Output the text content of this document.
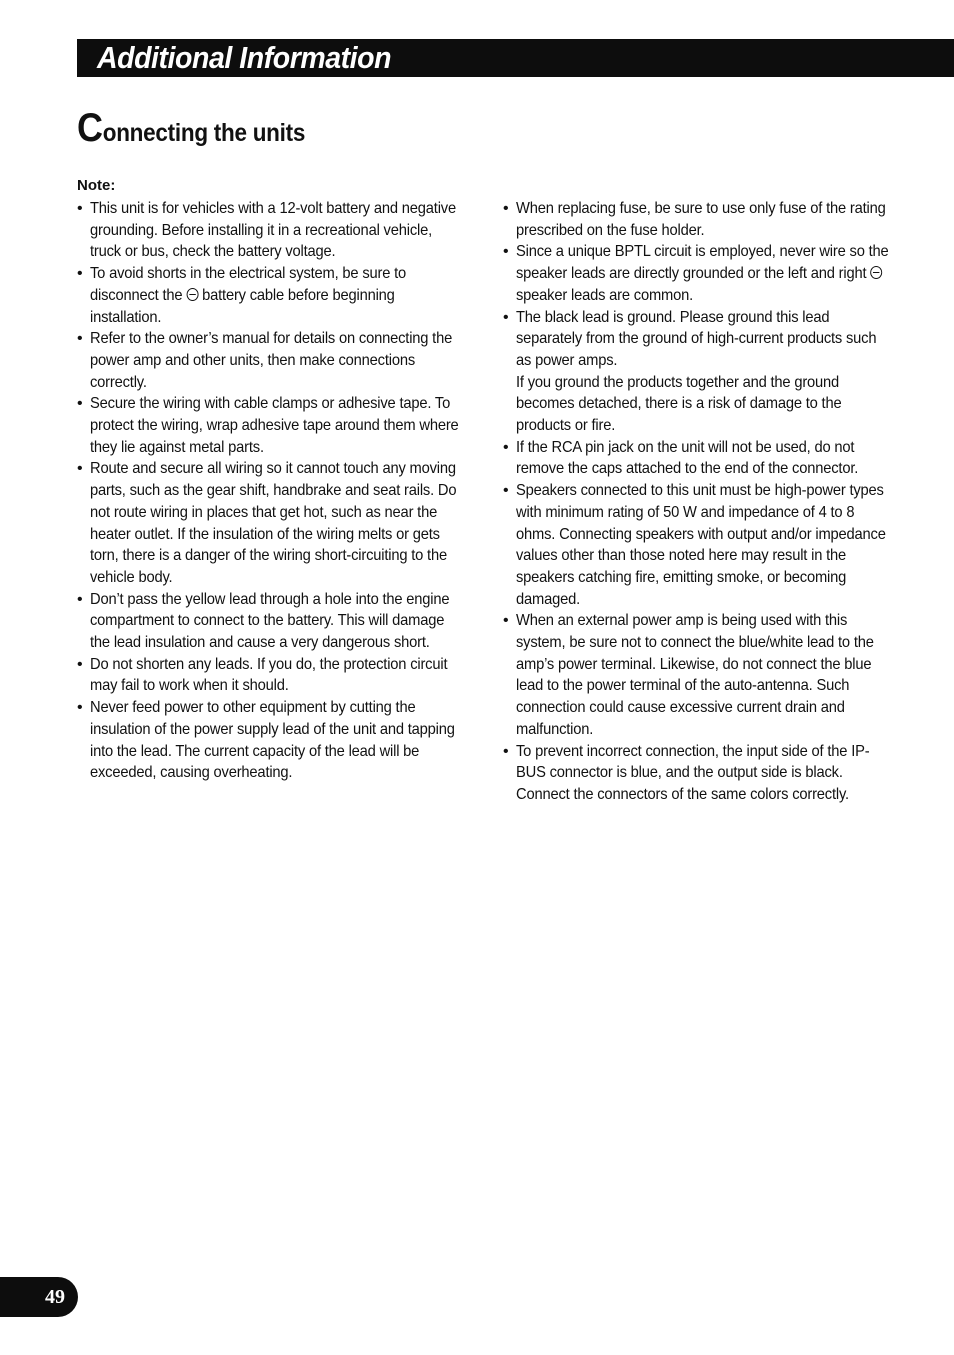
Additional Information
Connecting the units
Note:
• This unit is for vehicles with a 12-volt battery and negative grounding. Before installing it in a recreational vehicle, truck or bus, check the battery voltage.
• To avoid shorts in the electrical system, be sure to disconnect the  battery cable before beginning installation.
• Refer to the owner’s manual for details on connecting the power amp and other units, then make connections correctly.
• Secure the wiring with cable clamps or adhesive tape. To protect the wiring, wrap adhesive tape around them where they lie against metal parts.
• Route and secure all wiring so it cannot touch any moving parts, such as the gear shift, handbrake and seat rails. Do not route wiring in places that get hot, such as near the heater outlet. If the insulation of the wiring melts or gets torn, there is a danger of the wiring short-circuiting to the vehicle body.
• Don’t pass the yellow lead through a hole into the engine compartment to connect to the battery. This will damage the lead insulation and cause a very dangerous short.
• Do not shorten any leads. If you do, the protection circuit may fail to work when it should.
• Never feed power to other equipment by cutting the insulation of the power supply lead of the unit and tapping into the lead. The current capacity of the lead will be exceeded, causing overheating.
• When replacing fuse, be sure to use only fuse of the rating prescribed on the fuse holder.
• Since a unique BPTL circuit is employed, never wire so the speaker leads are directly grounded or the left and right  speaker leads are common.
• The black lead is ground. Please ground this lead separately from the ground of high-current products such as power amps.
If you ground the products together and the ground becomes detached, there is a risk of damage to the products or fire.
• If the RCA pin jack on the unit will not be used, do not remove the caps attached to the end of the connector.
• Speakers connected to this unit must be high-power types with minimum rating of 50 W and impedance of 4 to 8 ohms. Connecting speakers with output and/or impedance values other than those noted here may result in the speakers catching fire, emitting smoke, or becoming damaged.
• When an external power amp is being used with this system, be sure not to connect the blue/white lead to the amp’s power terminal. Likewise, do not connect the blue lead to the power terminal of the auto-antenna. Such connection could cause excessive current drain and malfunction.
• To prevent incorrect connection, the input side of the IP-BUS connector is blue, and the output side is black. Connect the connectors of the same colors correctly.
49
